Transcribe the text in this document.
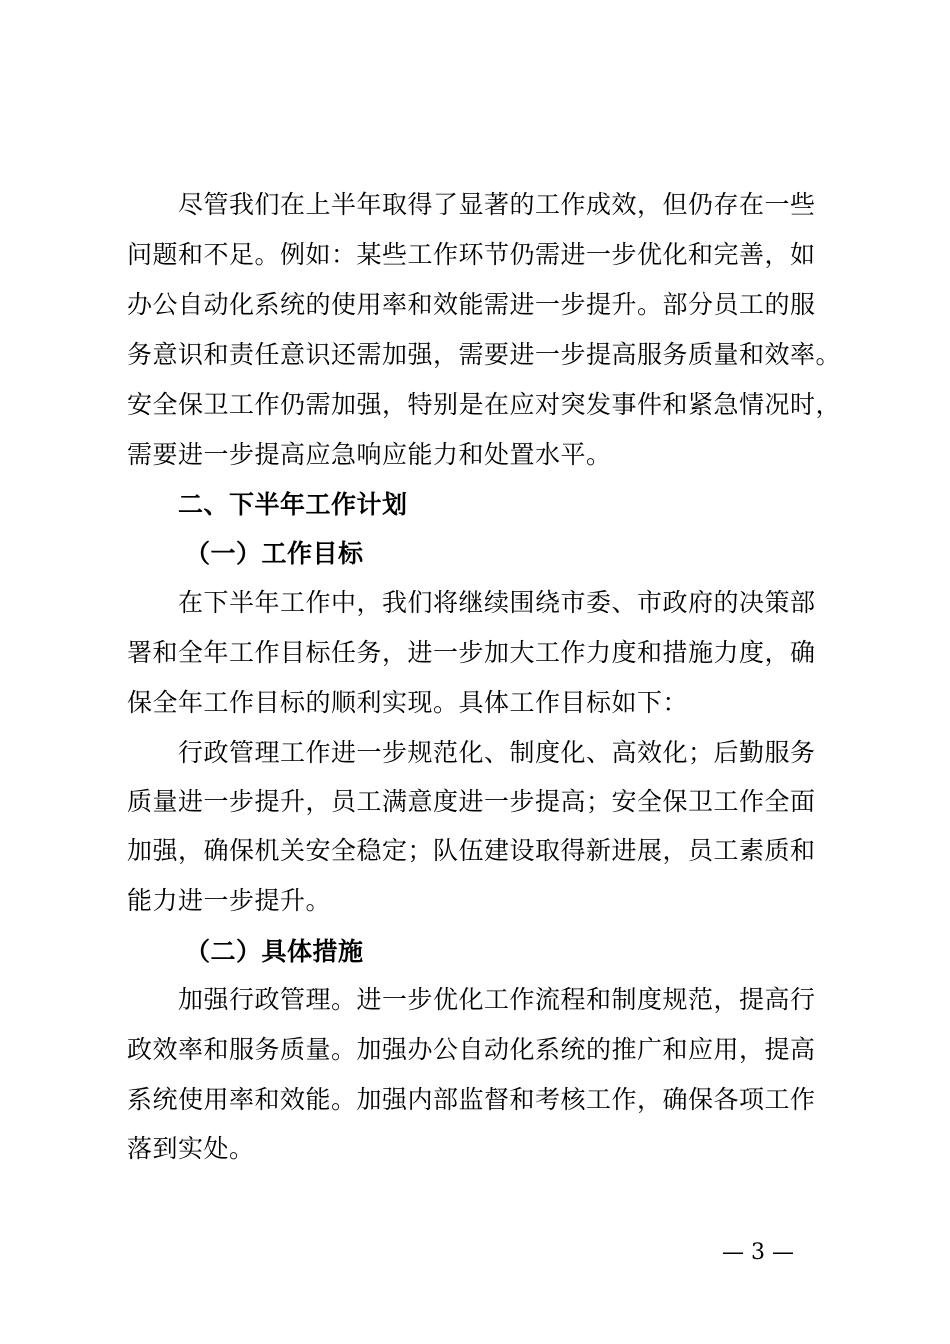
尽管我们在上半年取得了显著的工作成效，但仍存在一些
问题和不足。例如：某些工作环节仍需进一步优化和完善，如
办公自动化系统的使用率和效能需进一步提升。部分员工的服
务意识和责任意识还需加强，需要进一步提高服务质量和效率。
安全保卫工作仍需加强，特别是在应对突发事件和紧急情况时，
需要进一步提高应急响应能力和处置水平。
二、下半年工作计划
（一）工作目标
在下半年工作中，我们将继续围绕市委、市政府的决策部
署和全年工作目标任务，进一步加大工作力度和措施力度，确
保全年工作目标的顺利实现。具体工作目标如下：
行政管理工作进一步规范化、制度化、高效化；后勤服务
质量进一步提升，员工满意度进一步提高；安全保卫工作全面
加强，确保机关安全稳定；队伍建设取得新进展，员工素质和
能力进一步提升。
（二）具体措施
加强行政管理。进一步优化工作流程和制度规范，提高行
政效率和服务质量。加强办公自动化系统的推广和应用，提高
系统使用率和效能。加强内部监督和考核工作，确保各项工作
落到实处。
— 3 —
